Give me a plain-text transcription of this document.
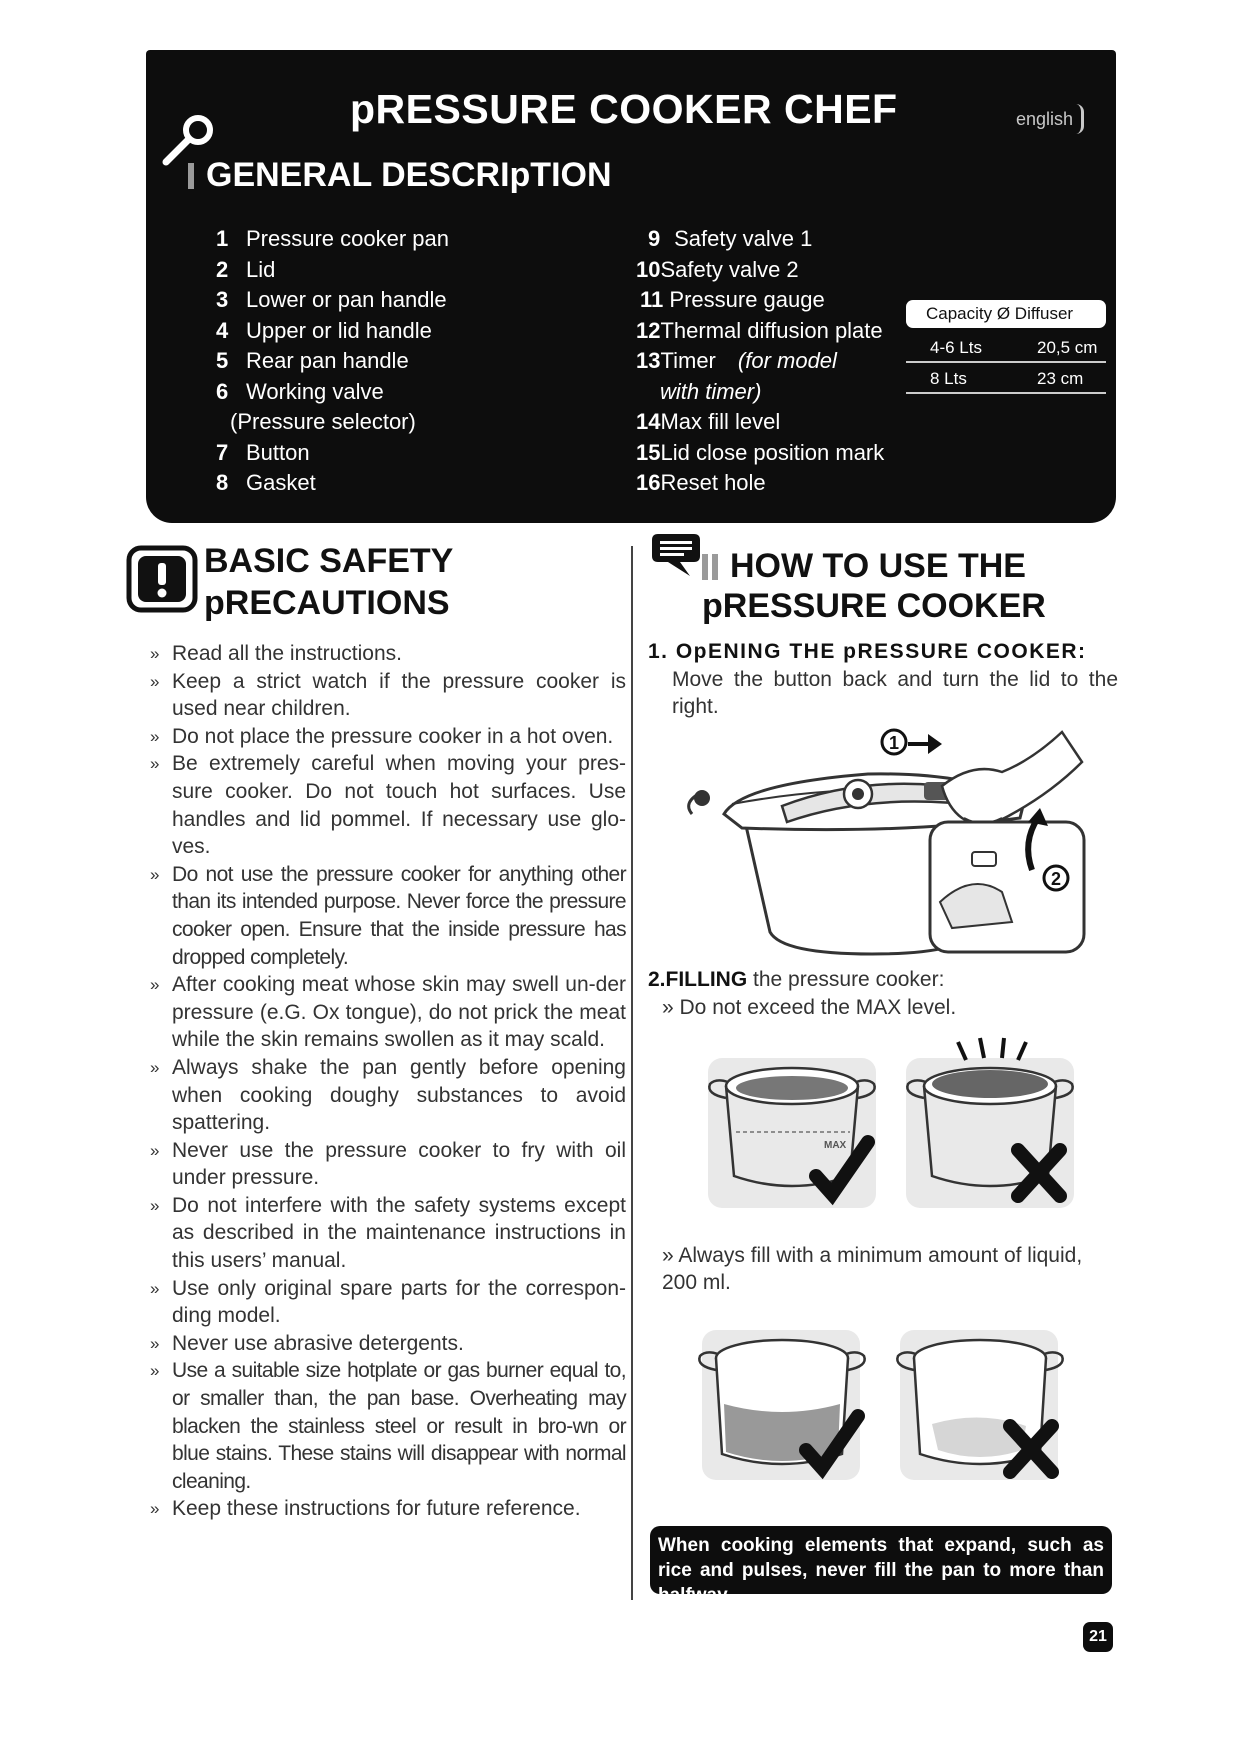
pRESSURE COOKER CHEF	english
GENERAL DESCRIpTION
1 Pressure cooker pan
2 Lid
3 Lower or pan handle
4 Upper or lid handle
5 Rear pan handle
6 Working valve
(Pressure selector)
7 Button
8 Gasket
9 Safety valve 1
10Safety valve 2
11 Pressure gauge
12Thermal diffusion plate
13Timer (for model
with timer)
14Max fill level
15Lid close position mark
16Reset hole
Capacity Ø Diffuser
4-6 Lts	20,5 cm
8 Lts	23 cm
BASIC SAFETY
pRECAUTIONS
» Read all the instructions.
» Keep a strict watch if the pressure cooker is used near children.
» Do not place the pressure cooker in a hot oven.
» Be extremely careful when moving your pres-sure cooker. Do not touch hot surfaces. Use handles and lid pommel. If necessary use glo-ves.
» Do not use the pressure cooker for anything other than its intended purpose. Never force the pressure cooker open. Ensure that the inside pressure has dropped completely.
» After cooking meat whose skin may swell un-der pressure (e.G. Ox tongue), do not prick the meat while the skin remains swollen as it may scald.
» Always shake the pan gently before opening when cooking doughy substances to avoid spattering.
» Never use the pressure cooker to fry with oil under pressure.
» Do not interfere with the safety systems except as described in the maintenance instructions in this users’ manual.
» Use only original spare parts for the correspon-ding model.
» Never use abrasive detergents.
» Use a suitable size hotplate or gas burner equal to, or smaller than, the pan base. Overheating may blacken the stainless steel or result in bro-wn or blue stains. These stains will disappear with normal cleaning.
» Keep these instructions for future reference.
HOW TO USE THE
pRESSURE COOKER
1. OpENING THE pRESSURE COOKER:
Move the button back and turn the lid to the right.
1
2
2.FILLING the pressure cooker:
» Do not exceed the MAX level.
MAX
» Always fill with a minimum amount of liquid, 200 ml.
When cooking elements that expand, such as rice and pulses, never fill the pan to more than halfway.
21
